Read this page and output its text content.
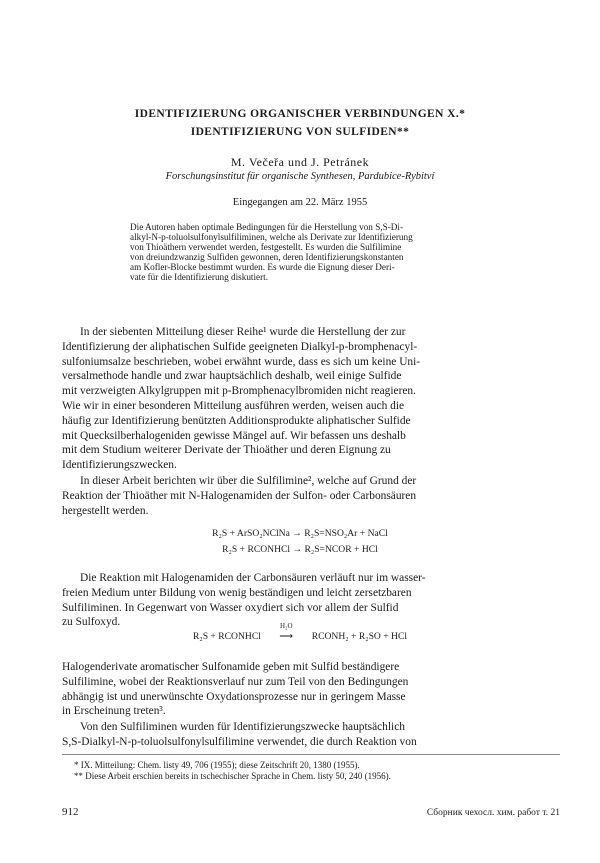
IDENTIFIZIERUNG ORGANISCHER VERBINDUNGEN X.*

IDENTIFIZIERUNG VON SULFIDEN**

M. Večeřa und J. Petránek

Forschungsinstitut für organische Synthesen, Pardubice-Rybitví

Eingegangen am 22. März 1955

Die Autoren haben optimale Bedingungen für die Herstellung von S,S-Di-
alkyl-N-p-toluolsulfonylsulfiliminen, welche als Derivate zur Identifizierung
von Thioäthern verwendet werden, festgestellt. Es wurden die Sulfilimine
von dreiundzwanzig Sulfiden gewonnen, deren Identifizierungskonstanten
am Kofler-Blocke bestimmt wurden. Es wurde die Eignung dieser Deri-
vate für die Identifizierung diskutiert.
In der siebenten Mitteilung dieser Reihe¹ wurde die Herstellung der zur
Identifizierung der aliphatischen Sulfide geeigneten Dialkyl-p-bromphenacyl-
sulfoniumsalze beschrieben, wobei erwähnt wurde, dass es sich um keine Uni-
versalmethode handle und zwar hauptsächlich deshalb, weil einige Sulfide
mit verzweigten Alkylgruppen mit p-Bromphenacylbromiden nicht reagieren.
Wie wir in einer besonderen Mitteilung ausführen werden, weisen auch die
häufig zur Identifizierung benützten Additionsprodukte aliphatischer Sulfide
mit Quecksilberhalogeniden gewisse Mängel auf. Wir befassen uns deshalb
mit dem Studium weiterer Derivate der Thioäther und deren Eignung zu
Identifizierungszwecken.
In dieser Arbeit berichten wir über die Sulfilimine², welche auf Grund der
Reaktion der Thioäther mit N-Halogenamiden der Sulfon- oder Carbonsäuren
hergestellt werden.

R₂S + ArSO₂NClNa → R₂S=NSO₂Ar + NaCl

R₂S + RCONHCl → R₂S=NCOR + HCl

Die Reaktion mit Halogenamiden der Carbonsäuren verläuft nur im wasser-
freien Medium unter Bildung von wenig beständigen und leicht zersetzbaren
Sulfiliminen. In Gegenwart von Wasser oxydiert sich vor allem der Sulfid
zu Sulfoxyd.
R₂S + RCONHCl
H₂O
⟶ RCONH₂ + R₂SO + HCl
Halogenderivate aromatischer Sulfonamide geben mit Sulfid beständigere
Sulfilimine, wobei der Reaktionsverlauf nur zum Teil von den Bedingungen
abhängig ist und unerwünschte Oxydationsprozesse nur in geringem Masse
in Erscheinung treten³.
Von den Sulfiliminen wurden für Identifizierungszwecke hauptsächlich
S,S-Dialkyl-N-p-toluolsulfonylsulfilimine verwendet, die durch Reaktion von
* IX. Mitteilung: Chem. listy 49, 706 (1955); diese Zeitschrift 20, 1380 (1955).
** Diese Arbeit erschien bereits in tschechischer Sprache in Chem. listy 50, 240 (1956).

912	Сборник чехосл. хим. работ т. 21
